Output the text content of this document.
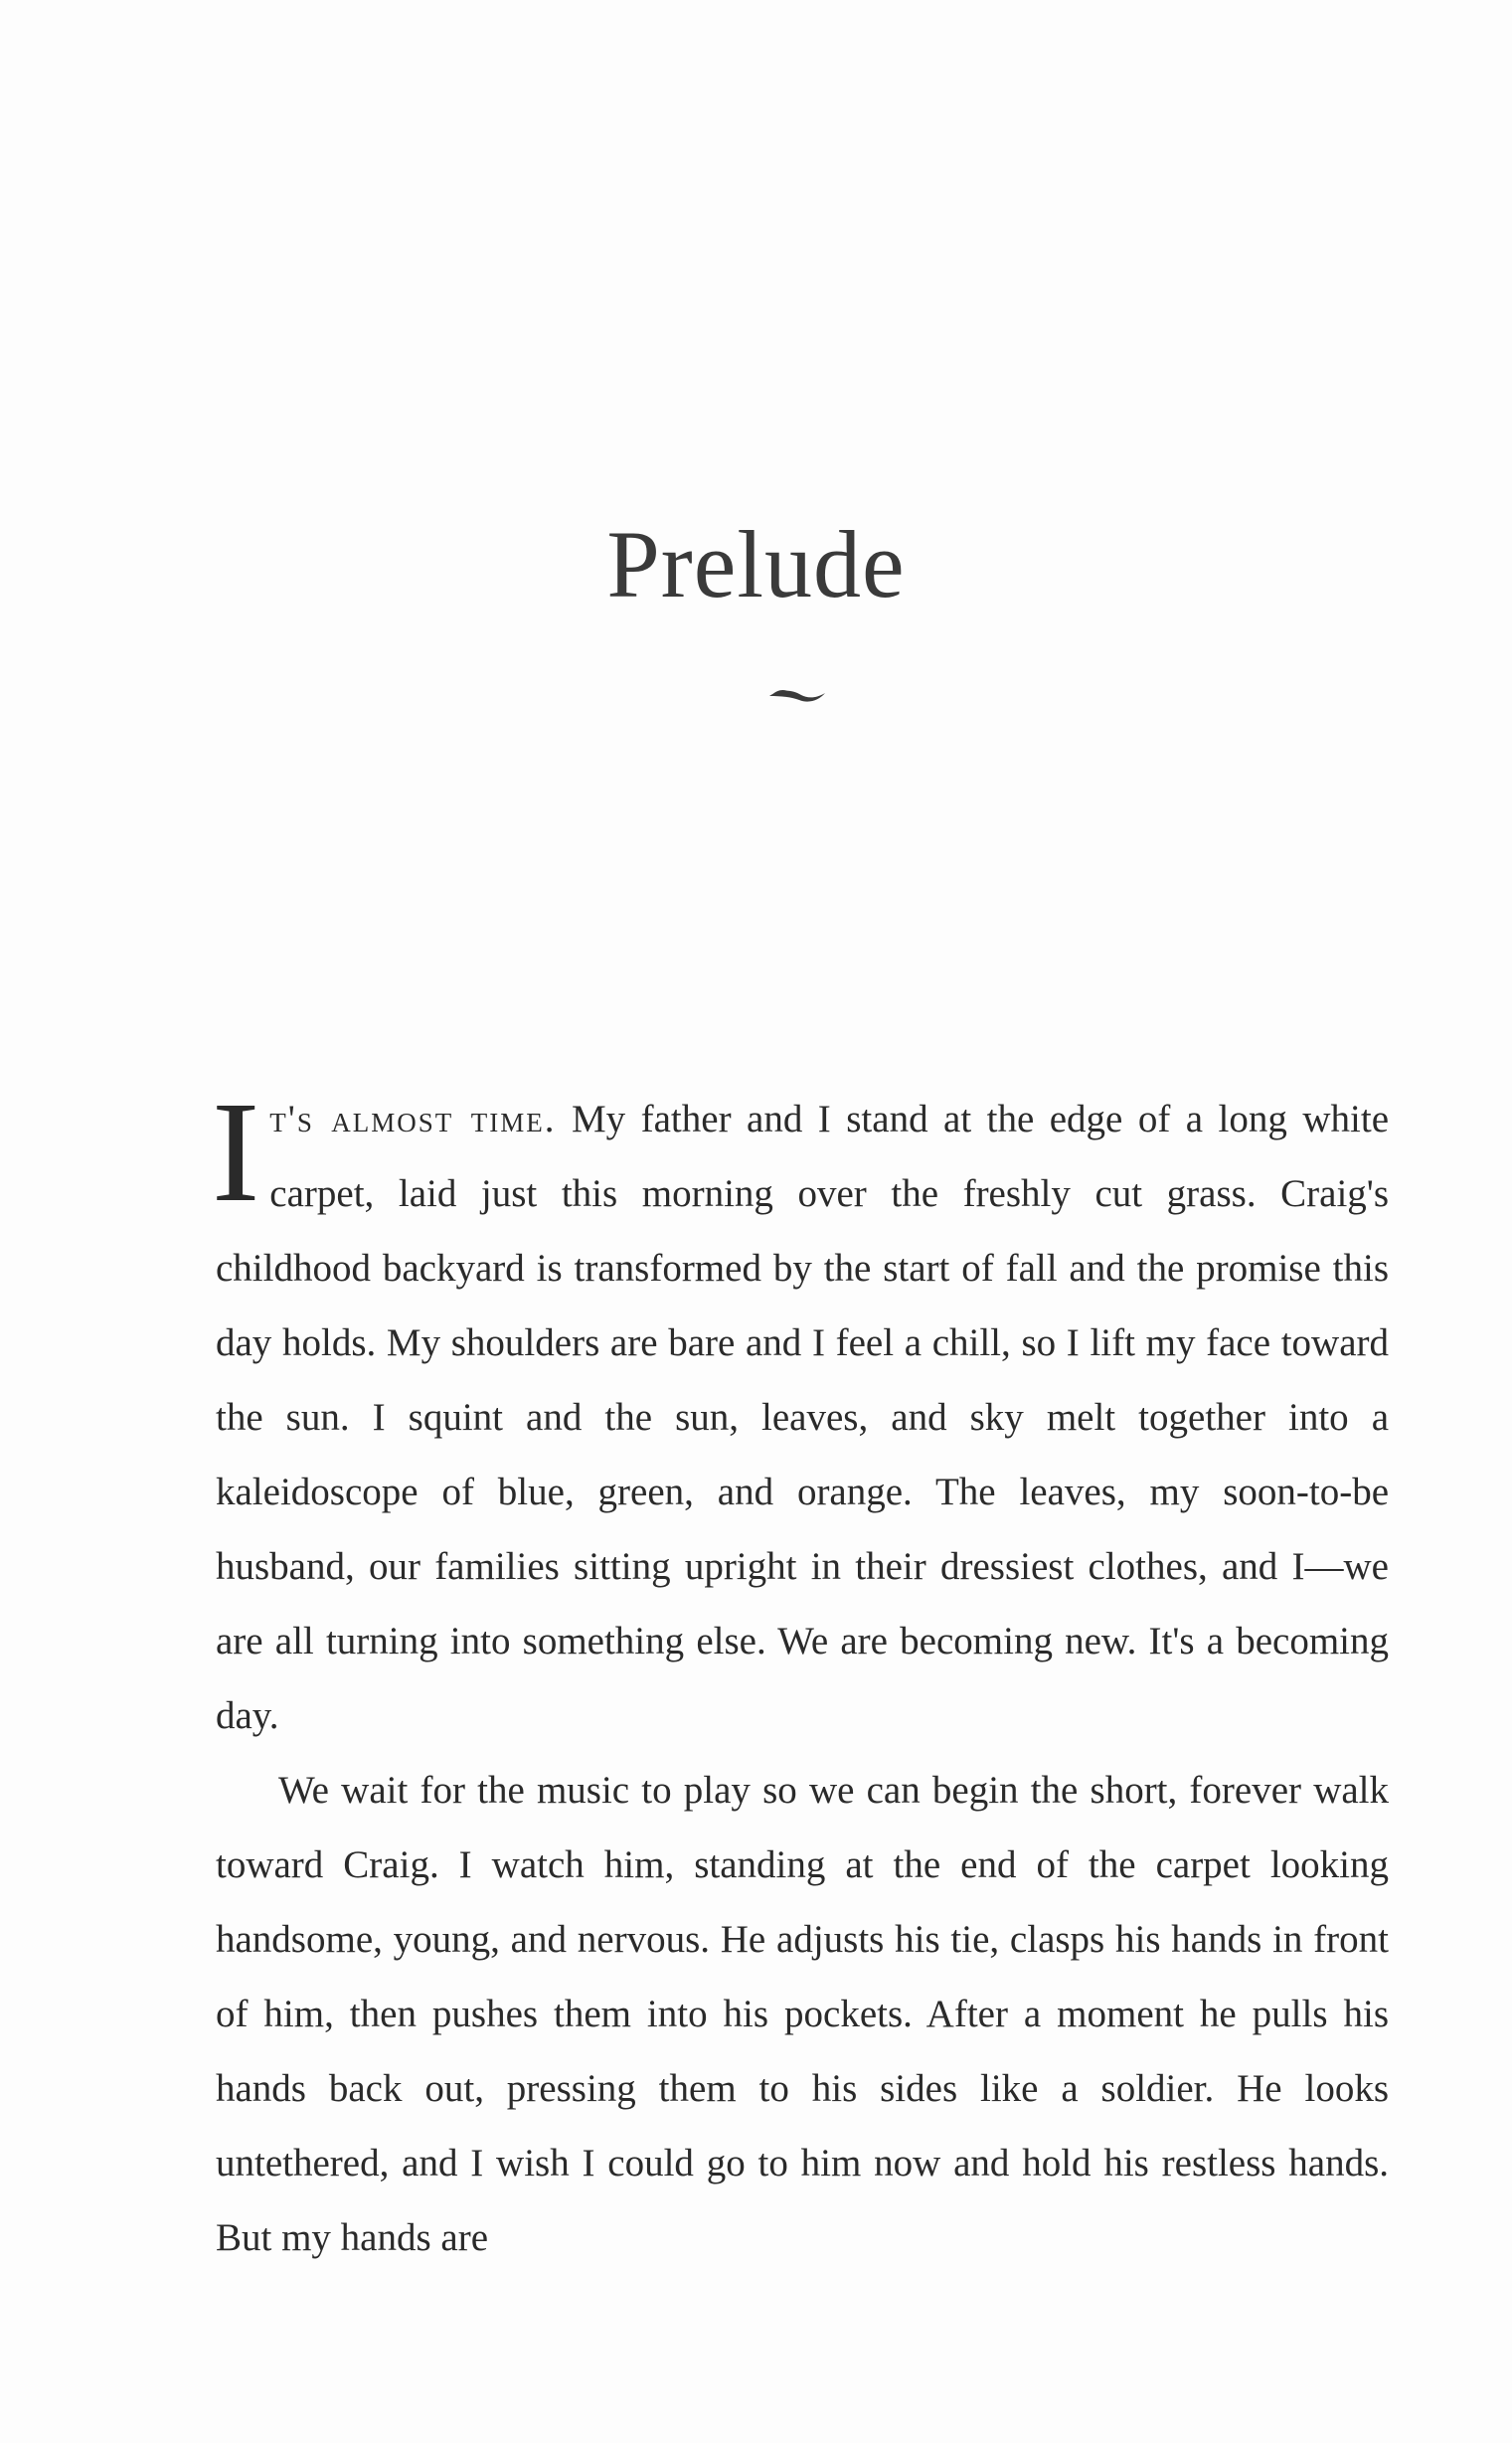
Prelude

It's almost time. My father and I stand at the edge of a long white carpet, laid just this morning over the freshly cut grass. Craig's childhood backyard is transformed by the start of fall and the promise this day holds. My shoulders are bare and I feel a chill, so I lift my face toward the sun. I squint and the sun, leaves, and sky melt together into a kaleidoscope of blue, green, and orange. The leaves, my soon-to-be husband, our families sitting upright in their dressiest clothes, and I—we are all turning into something else. We are becoming new. It's a becoming day.

We wait for the music to play so we can begin the short, forever walk toward Craig. I watch him, standing at the end of the carpet looking handsome, young, and nervous. He adjusts his tie, clasps his hands in front of him, then pushes them into his pockets. After a moment he pulls his hands back out, pressing them to his sides like a soldier. He looks untethered, and I wish I could go to him now and hold his restless hands. But my hands are
